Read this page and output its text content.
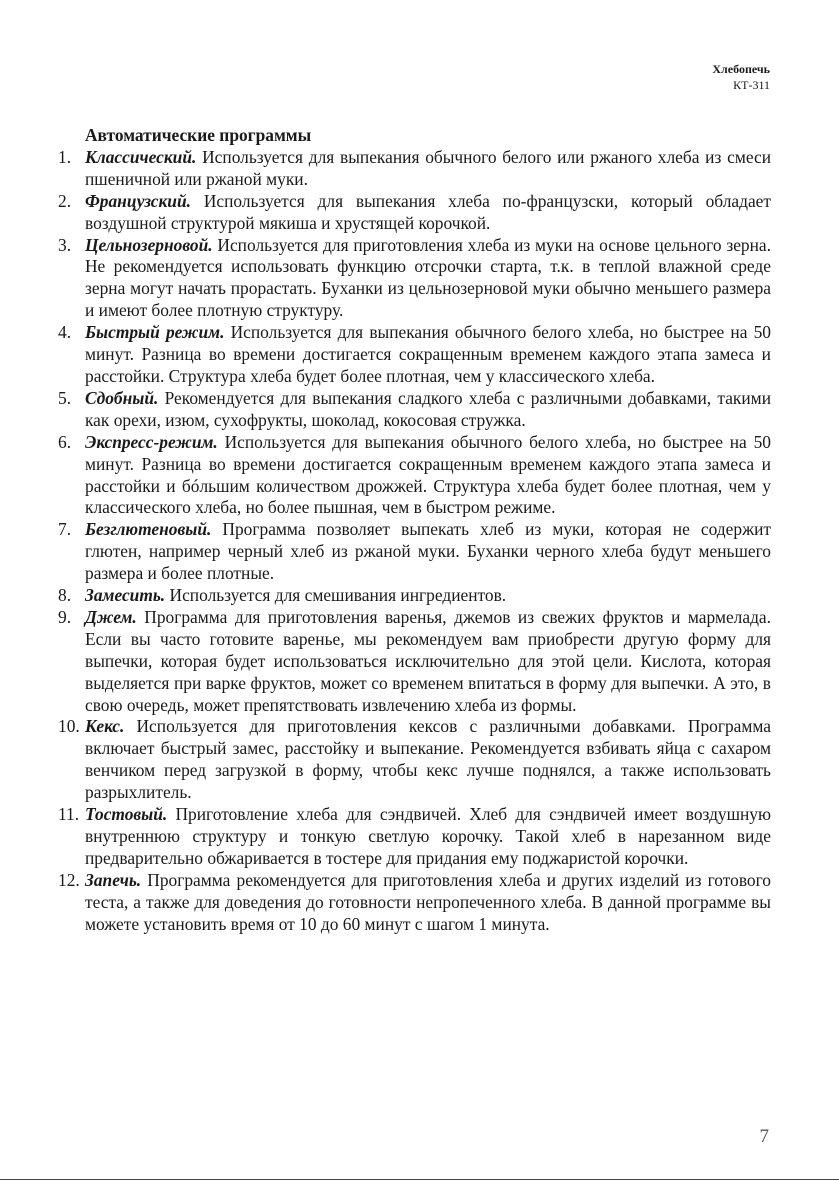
Хлебопечь
КТ-311
Автоматические программы
1. Классический. Используется для выпекания обычного белого или ржаного хлеба из смеси пшеничной или ржаной муки.
2. Французский. Используется для выпекания хлеба по-французски, который обладает воздушной структурой мякиша и хрустящей корочкой.
3. Цельнозерновой. Используется для приготовления хлеба из муки на основе цельного зерна. Не рекомендуется использовать функцию отсрочки старта, т.к. в теплой влажной среде зерна могут начать прорастать. Буханки из цельнозерновой муки обычно меньшего размера и имеют более плотную структуру.
4. Быстрый режим. Используется для выпекания обычного белого хлеба, но быстрее на 50 минут. Разница во времени достигается сокращенным временем каждого этапа замеса и расстойки. Структура хлеба будет более плотная, чем у классического хлеба.
5. Сдобный. Рекомендуется для выпекания сладкого хлеба с различными добавками, такими как орехи, изюм, сухофрукты, шоколад, кокосовая стружка.
6. Экспресс-режим. Используется для выпекания обычного белого хлеба, но быстрее на 50 минут. Разница во времени достигается сокращенным временем каждого этапа замеса и расстойки и бóльшим количеством дрожжей. Структура хлеба будет более плотная, чем у классического хлеба, но более пышная, чем в быстром режиме.
7. Безглютеновый. Программа позволяет выпекать хлеб из муки, которая не содержит глютен, например черный хлеб из ржаной муки. Буханки черного хлеба будут меньшего размера и более плотные.
8. Замесить. Используется для смешивания ингредиентов.
9. Джем. Программа для приготовления варенья, джемов из свежих фруктов и мармелада. Если вы часто готовите варенье, мы рекомендуем вам приобрести другую форму для выпечки, которая будет использоваться исключительно для этой цели. Кислота, которая выделяется при варке фруктов, может со временем впитаться в форму для выпечки. А это, в свою очередь, может препятствовать извлечению хлеба из формы.
10. Кекс. Используется для приготовления кексов с различными добавками. Программа включает быстрый замес, расстойку и выпекание. Рекомендуется взбивать яйца с сахаром венчиком перед загрузкой в форму, чтобы кекс лучше поднялся, а также использовать разрыхлитель.
11. Тостовый. Приготовление хлеба для сэндвичей. Хлеб для сэндвичей имеет воздушную внутреннюю структуру и тонкую светлую корочку. Такой хлеб в нарезанном виде предварительно обжаривается в тостере для придания ему поджаристой корочки.
12. Запечь. Программа рекомендуется для приготовления хлеба и других изделий из готового теста, а также для доведения до готовности непропеченного хлеба. В данной программе вы можете установить время от 10 до 60 минут с шагом 1 минута.
7
